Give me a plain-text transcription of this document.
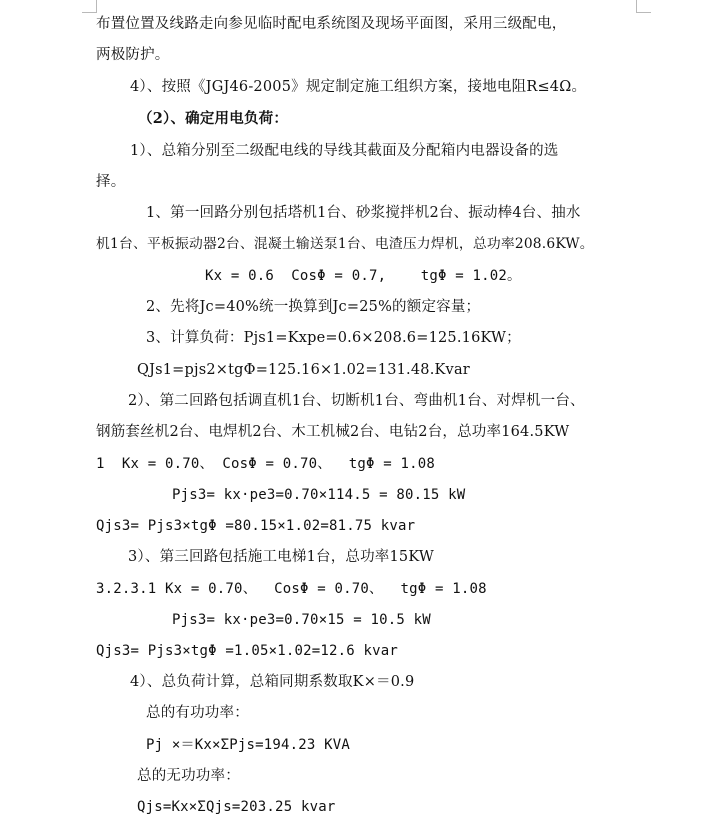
布置位置及线路走向参见临时配电系统图及现场平面图，采用三级配电，
两极防护。
4）、按照《JGJ46-2005》规定制定施工组织方案，接地电阻R≤4Ω。
（2）、确定用电负荷：
1）、总箱分别至二级配电线的导线其截面及分配箱内电器设备的选
择。
1、第一回路分别包括塔机1台、砂浆搅拌机2台、振动棒4台、抽水
机1台、平板振动器2台、混凝土输送泵1台、电渣压力焊机，总功率208.6KW。
Kx = 0.6  CosΦ = 0.7,    tgΦ = 1.02。
2、先将Jc=40%统一换算到Jc=25%的额定容量；
3、计算负荷：Pjs1=Kxpe=0.6×208.6=125.16KW；
QJs1=pjs2×tgΦ=125.16×1.02=131.48.Kvar
2）、第二回路包括调直机1台、切断机1台、弯曲机1台、对焊机一台、
钢筋套丝机2台、电焊机2台、木工机械2台、电钻2台，总功率164.5KW
1  Kx = 0.70、 CosΦ = 0.70、  tgΦ = 1.08
Pjs3= kx·pe3=0.70×114.5 = 80.15 kW
Qjs3= Pjs3×tgΦ =80.15×1.02=81.75 kvar
3）、第三回路包括施工电梯1台，总功率15KW
3.2.3.1 Kx = 0.70、  CosΦ = 0.70、  tgΦ = 1.08
Pjs3= kx·pe3=0.70×15 = 10.5 kW
Qjs3= Pjs3×tgΦ =1.05×1.02=12.6 kvar
4）、总负荷计算，总箱同期系数取K×＝0.9
总的有功功率：
Pj ×＝Kx×ΣPjs=194.23 KVA
总的无功功率：
Qjs=Kx×ΣQjs=203.25 kvar
